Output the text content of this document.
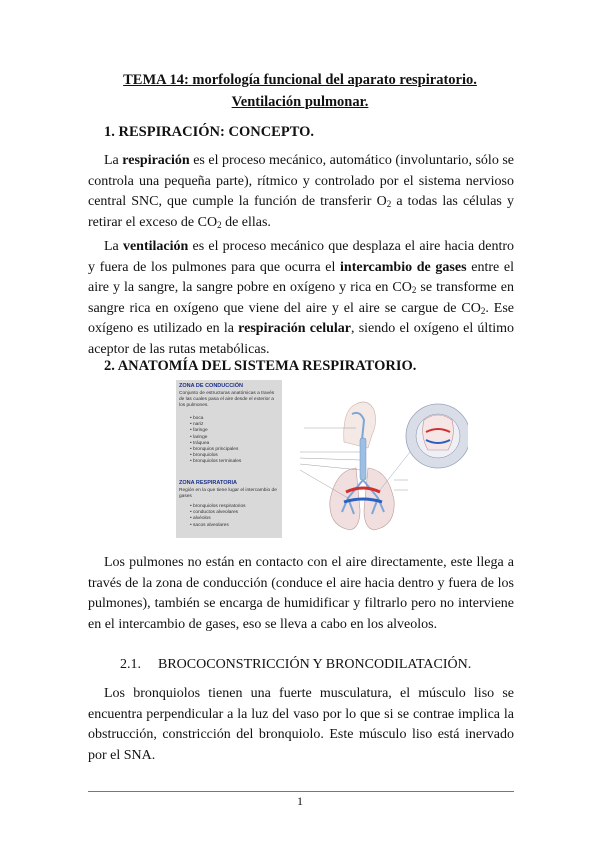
TEMA 14: morfología funcional del aparato respiratorio.
Ventilación pulmonar.
1. RESPIRACIÓN: CONCEPTO.
La respiración es el proceso mecánico, automático (involuntario, sólo se controla una pequeña parte), rítmico y controlado por el sistema nervioso central SNC, que cumple la función de transferir $O_2$ a todas las células y retirar el exceso de $CO_2$ de ellas.
La ventilación es el proceso mecánico que desplaza el aire hacia dentro y fuera de los pulmones para que ocurra el intercambio de gases entre el aire y la sangre, la sangre pobre en oxígeno y rica en $CO_2$ se transforme en sangre rica en oxígeno que viene del aire y el aire se cargue de $CO_2$. Ese oxígeno es utilizado en la respiración celular, siendo el oxígeno el último aceptor de las rutas metabólicas.
2. ANATOMÍA DEL SISTEMA RESPIRATORIO.
ZONA DE CONDUCCIÓN
Conjunto de estructuras anatómicas a través de las cuales pasa el aire desde el exterior a los pulmones.
• boca
• nariz
• faringe
• laringe
• tráquea
• bronquios principales
• bronquiolos
• bronquiolos terminales
ZONA RESPIRATORIA
Región en la que tiene lugar el intercambio de gases
• bronquiolos respiratorios
• conductos alveolares
• alvéolos
• sacos alveolares
Los pulmones no están en contacto con el aire directamente, este llega a través de la zona de conducción (conduce el aire hacia dentro y fuera de los pulmones), también se encarga de humidificar y filtrarlo pero no interviene en el intercambio de gases, eso se lleva a cabo en los alveolos.
2.1. BROCOCONSTRICCIÓN Y BRONCODILATACIÓN.
Los bronquiolos tienen una fuerte musculatura, el músculo liso se encuentra perpendicular a la luz del vaso por lo que si se contrae implica la obstrucción, constricción del bronquiolo. Este músculo liso está inervado por el SNA.
1
